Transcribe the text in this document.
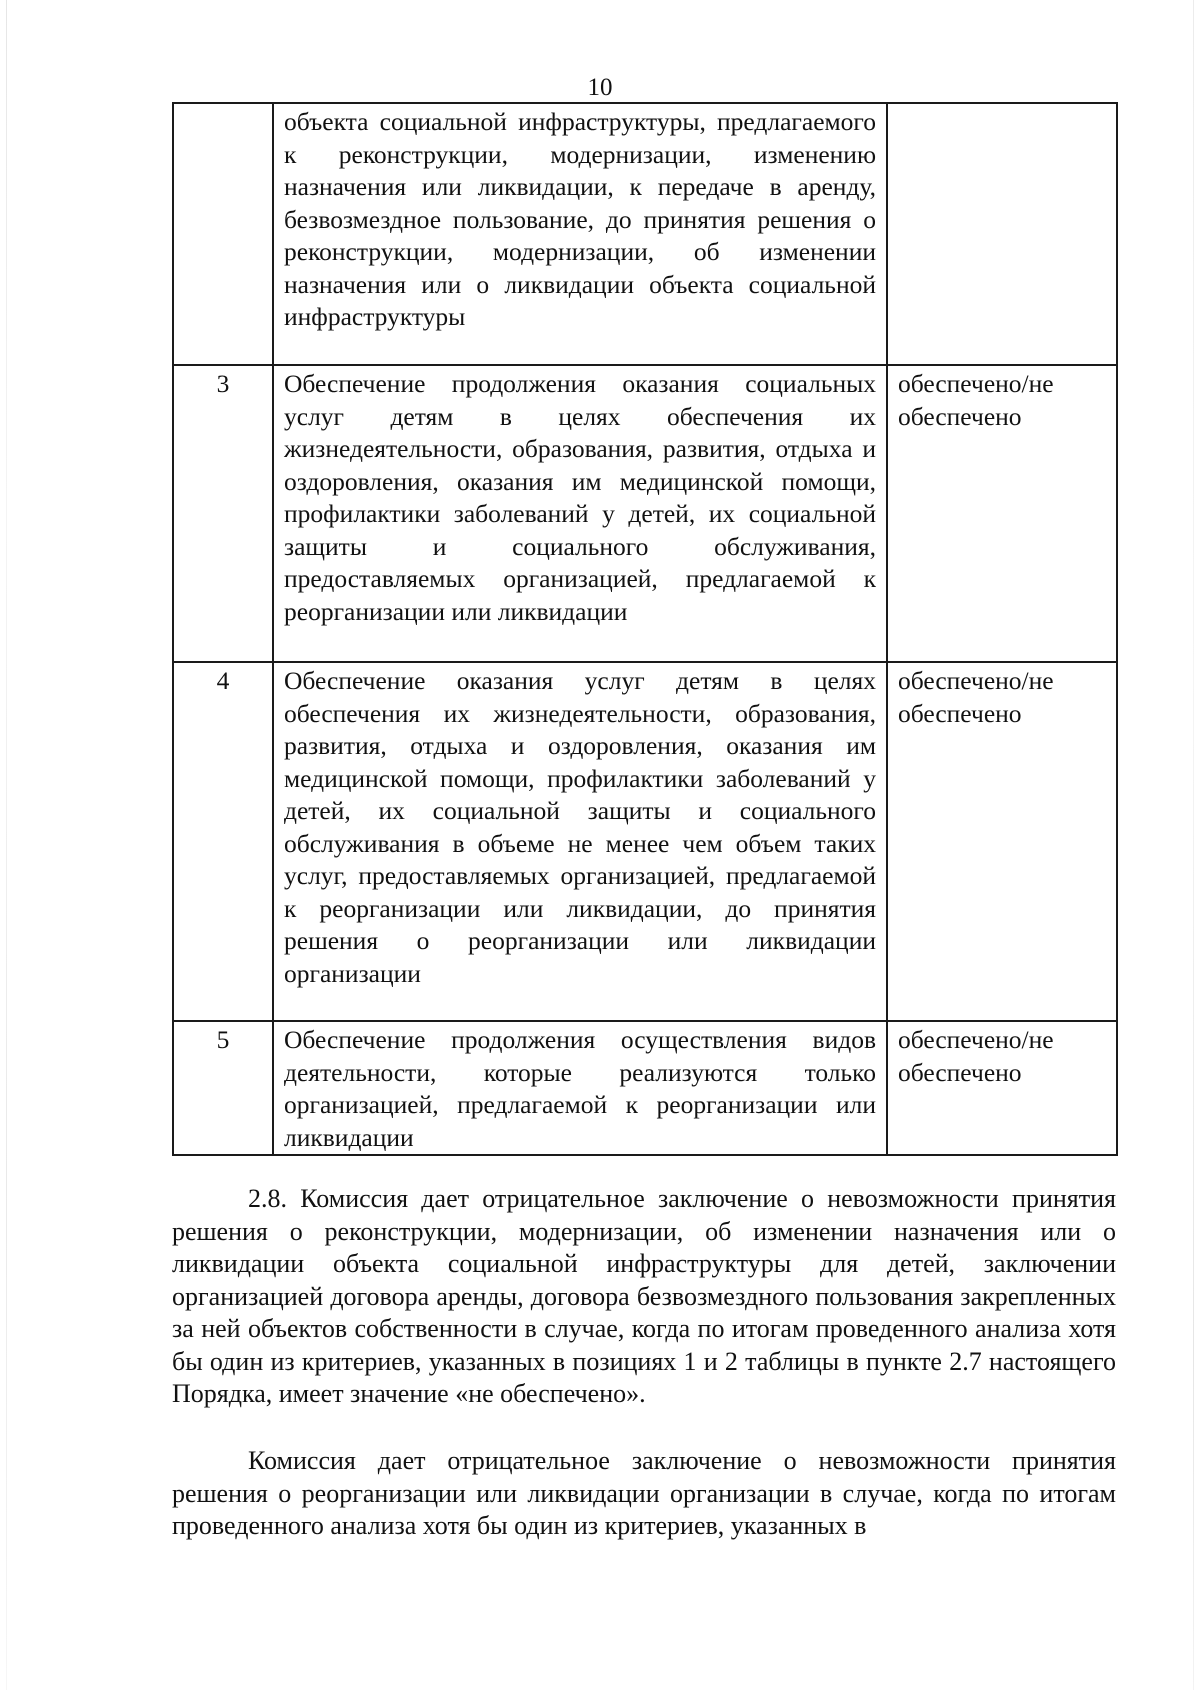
10
	объекта социальной инфраструктуры, предлагаемого к реконструкции, модернизации, изменению назначения или ликвидации, к передаче в аренду, безвозмездное пользование, до принятия решения о реконструкции, модернизации, об изменении назначения или о ликвидации объекта социальной инфраструктуры	
3	Обеспечение продолжения оказания социальных услуг детям в целях обеспечения их жизнедеятельности, образования, развития, отдыха и оздоровления, оказания им медицинской помощи, профилактики заболеваний у детей, их социальной защиты и социального обслуживания, предоставляемых организацией, предлагаемой к реорганизации или ликвидации	обеспечено/не обеспечено
4	Обеспечение оказания услуг детям в целях обеспечения их жизнедеятельности, образования, развития, отдыха и оздоровления, оказания им медицинской помощи, профилактики заболеваний у детей, их социальной защиты и социального обслуживания в объеме не менее чем объем таких услуг, предоставляемых организацией, предлагаемой к реорганизации или ликвидации, до принятия решения о реорганизации или ликвидации организации	обеспечено/не обеспечено
5	Обеспечение продолжения осуществления видов деятельности, которые реализуются только организацией, предлагаемой к реорганизации или ликвидации	обеспечено/не обеспечено

2.8. Комиссия дает отрицательное заключение о невозможности принятия решения о реконструкции, модернизации, об изменении назначения или о ликвидации объекта социальной инфраструктуры для детей, заключении организацией договора аренды, договора безвозмездного пользования закрепленных за ней объектов собственности в случае, когда по итогам проведенного анализа хотя бы один из критериев, указанных в позициях 1 и 2 таблицы в пункте 2.7 настоящего Порядка, имеет значение «не обеспечено».

Комиссия дает отрицательное заключение о невозможности принятия решения о реорганизации или ликвидации организации в случае, когда по итогам проведенного анализа хотя бы один из критериев, указанных в
